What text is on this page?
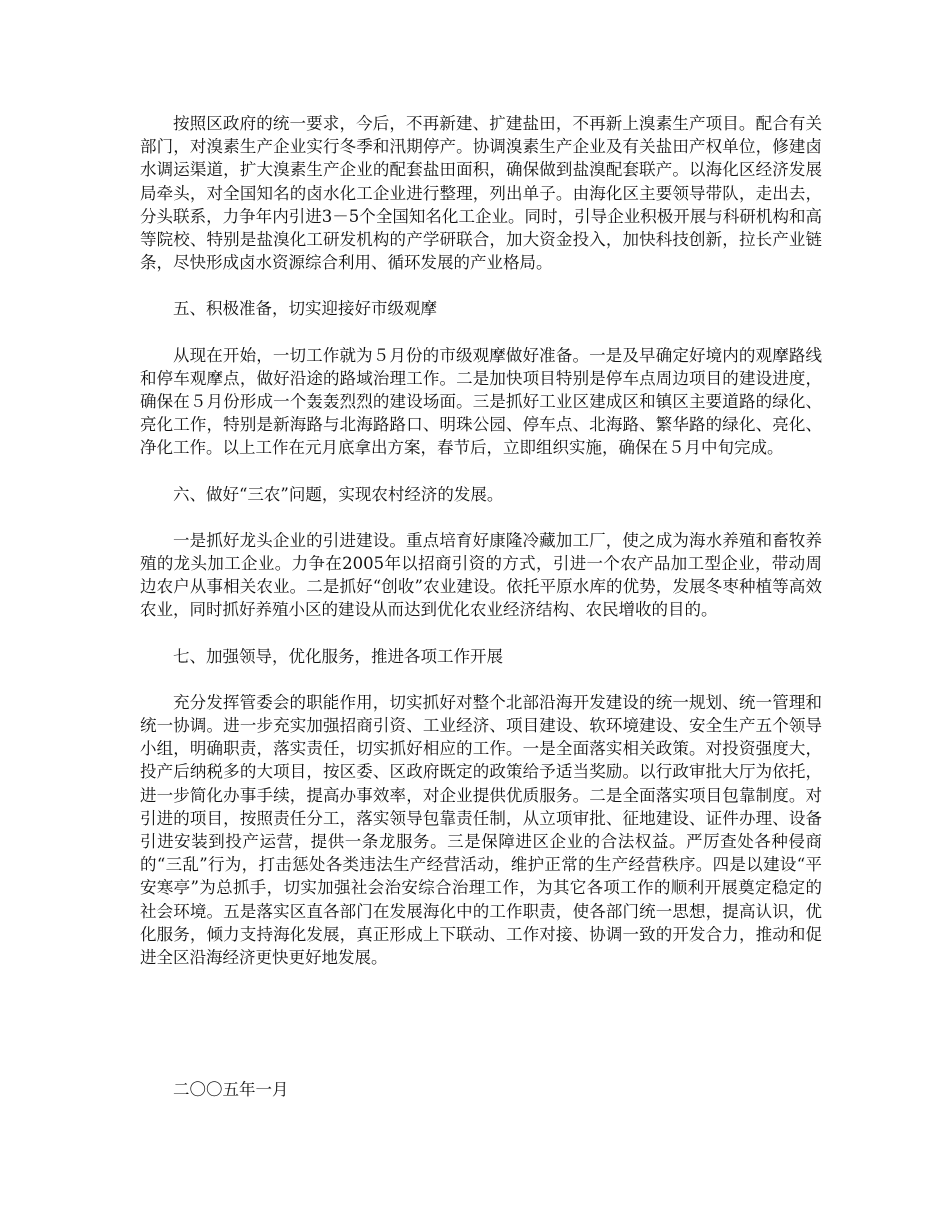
按照区政府的统一要求，今后，不再新建、扩建盐田，不再新上溴素生产项目。配合有关部门，对溴素生产企业实行冬季和汛期停产。协调溴素生产企业及有关盐田产权单位，修建卤水调运渠道，扩大溴素生产企业的配套盐田面积，确保做到盐溴配套联产。以海化区经济发展局牵头，对全国知名的卤水化工企业进行整理，列出单子。由海化区主要领导带队，走出去，分头联系，力争年内引进3－5个全国知名化工企业。同时，引导企业积极开展与科研机构和高等院校、特别是盐溴化工研发机构的产学研联合，加大资金投入，加快科技创新，拉长产业链条，尽快形成卤水资源综合利用、循环发展的产业格局。

五、积极准备，切实迎接好市级观摩

从现在开始，一切工作就为５月份的市级观摩做好准备。一是及早确定好境内的观摩路线和停车观摩点，做好沿途的路域治理工作。二是加快项目特别是停车点周边项目的建设进度，确保在５月份形成一个轰轰烈烈的建设场面。三是抓好工业区建成区和镇区主要道路的绿化、亮化工作，特别是新海路与北海路路口、明珠公园、停车点、北海路、繁华路的绿化、亮化、净化工作。以上工作在元月底拿出方案，春节后，立即组织实施，确保在５月中旬完成。

六、做好“三农”问题，实现农村经济的发展。

一是抓好龙头企业的引进建设。重点培育好康隆冷藏加工厂，使之成为海水养殖和畜牧养殖的龙头加工企业。力争在2005年以招商引资的方式，引进一个农产品加工型企业，带动周边农户从事相关农业。二是抓好“创收”农业建设。依托平原水库的优势，发展冬枣种植等高效农业，同时抓好养殖小区的建设从而达到优化农业经济结构、农民增收的目的。

七、加强领导，优化服务，推进各项工作开展

充分发挥管委会的职能作用，切实抓好对整个北部沿海开发建设的统一规划、统一管理和统一协调。进一步充实加强招商引资、工业经济、项目建设、软环境建设、安全生产五个领导小组，明确职责，落实责任，切实抓好相应的工作。一是全面落实相关政策。对投资强度大，投产后纳税多的大项目，按区委、区政府既定的政策给予适当奖励。以行政审批大厅为依托，进一步简化办事手续，提高办事效率，对企业提供优质服务。二是全面落实项目包靠制度。对引进的项目，按照责任分工，落实领导包靠责任制，从立项审批、征地建设、证件办理、设备引进安装到投产运营，提供一条龙服务。三是保障进区企业的合法权益。严厉查处各种侵商的“三乱”行为，打击惩处各类违法生产经营活动，维护正常的生产经营秩序。四是以建设“平安寒亭”为总抓手，切实加强社会治安综合治理工作，为其它各项工作的顺利开展奠定稳定的社会环境。五是落实区直各部门在发展海化中的工作职责，使各部门统一思想，提高认识，优化服务，倾力支持海化发展，真正形成上下联动、工作对接、协调一致的开发合力，推动和促进全区沿海经济更快更好地发展。

二〇〇五年一月
